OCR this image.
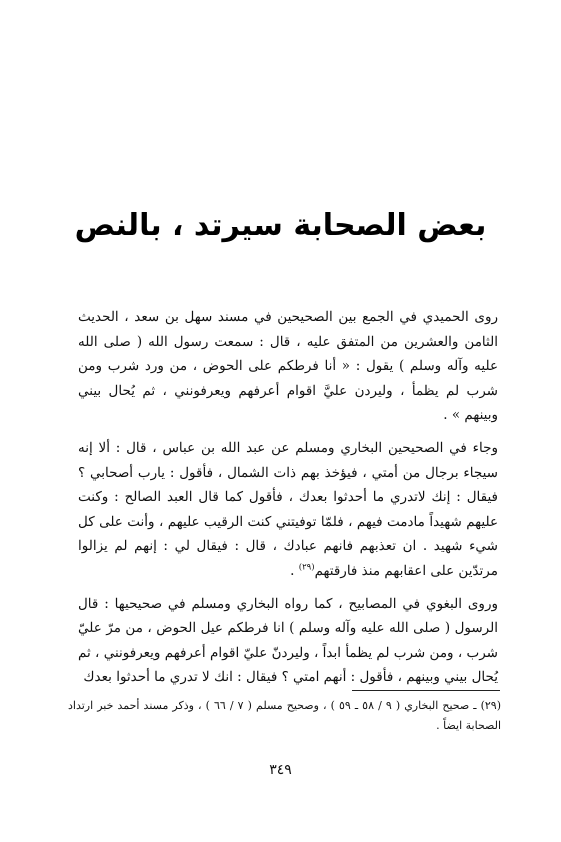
بعض الصحابة سيرتد ، بالنص

روى الحميدي في الجمع بين الصحيحين في مسند سهل بن سعد ، الحديث الثامن والعشرين من المتفق عليه ، قال : سمعت رسول الله ( صلى الله عليه وآله وسلم ) يقول : « أنا فرطكم على الحوض ، من ورد شرب ومن شرب لم يظمأ ، وليردن عليَّ اقوام أعرفهم ويعرفونني ، ثم يُحال بيني وبينهم » .

وجاء في الصحيحين البخاري ومسلم عن عبد الله بن عباس ، قال : ألا إنه سيجاء برجال من أمتي ، فيؤخذ بهم ذات الشمال ، فأقول : يارب أصحابي ؟ فيقال : إنك لاتدري ما أحدثوا بعدك ، فأقول كما قال العبد الصالح : وكنت عليهم شهيداً مادمت فيهم ، فلمّا توفيتني كنت الرقيب عليهم ، وأنت على كل شيء شهيد . ان تعذبهم فانهم عبادك ، قال : فيقال لي : إنهم لم يزالوا مرتدّين على اعقابهم منذ فارقتهم$^{(٢٩)}$ .

وروى البغوي في المصابيح ، كما رواه البخاري ومسلم في صحيحيها : قال الرسول ( صلى الله عليه وآله وسلم ) انا فرطكم عيل الحوض ، من مرّ عليّ شرب ، ومن شرب لم يظمأ ابداً ، وليردنّ عليّ اقوام أعرفهم ويعرفونني ، ثم يُحال بيني وبينهم ، فأقول : أنهم امتي ؟ فيقال : انك لا تدري ما أحدثوا بعدك

(٢٩) ـ صحيح البخاري ( ٩ / ٥٨ ـ ٥٩ ) ، وصحيح مسلم ( ٧ / ٦٦ ) ، وذكر مسند أحمد خبر ارتداد الصحابة ايضاً .

٣٤٩
